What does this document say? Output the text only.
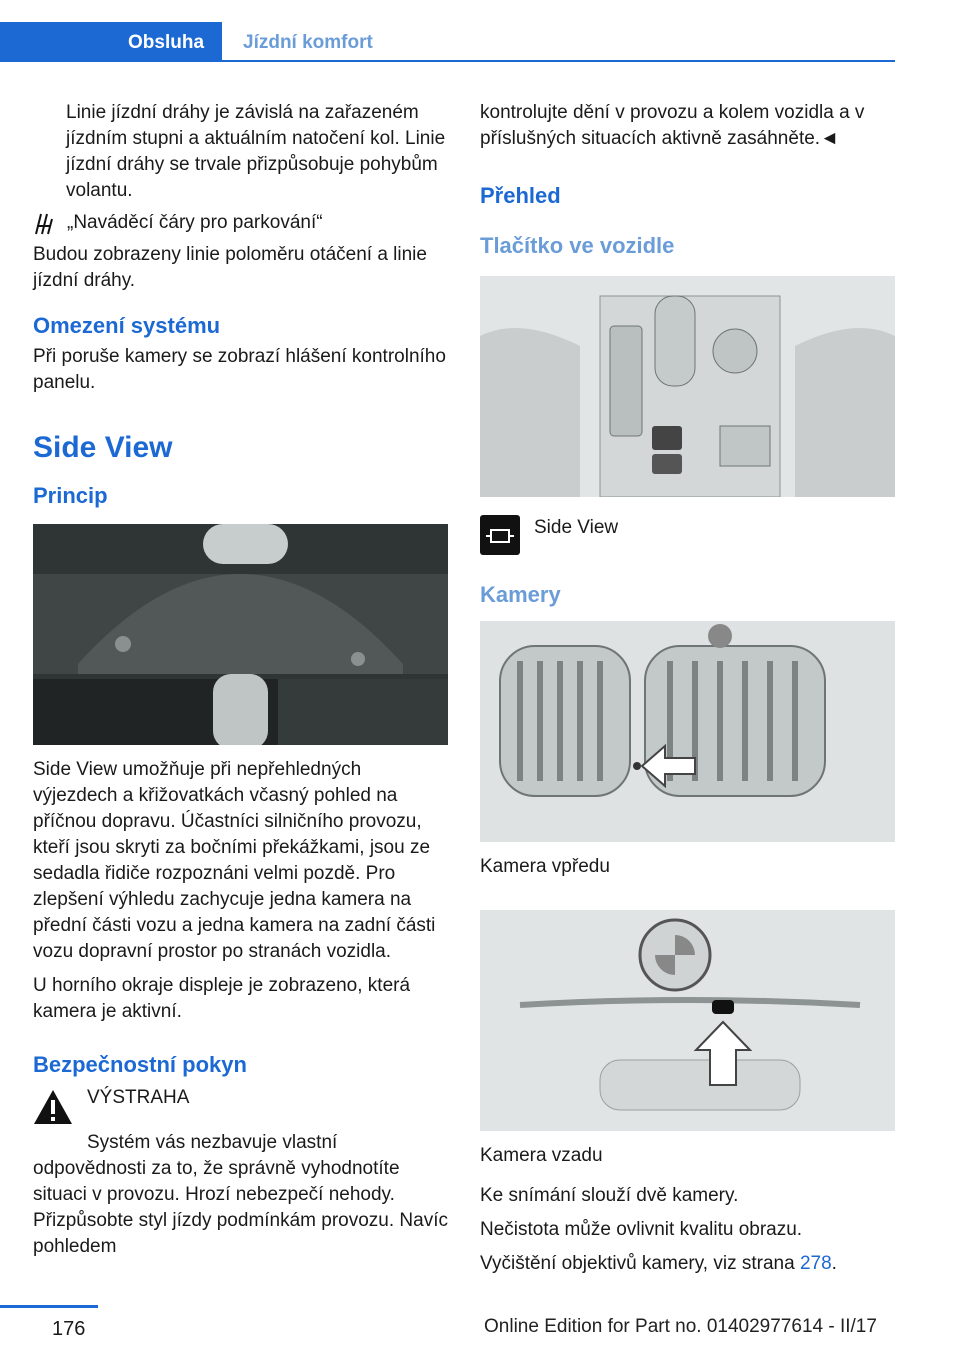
Obsluha	Jízdní komfort

Linie jízdní dráhy je závislá na zařazeném jízdním stupni a aktuálním natočení kol. Linie jízdní dráhy se trvale přizpůsobuje pohybům volantu.

„Naváděcí čáry pro parkování“

Budou zobrazeny linie poloměru otáčení a linie jízdní dráhy.

Omezení systému

Při poruše kamery se zobrazí hlášení kontrolního panelu.

Side View
Princip

Side View umožňuje při nepřehledných výjezdech a křižovatkách včasný pohled na příčnou dopravu. Účastníci silničního provozu, kteří jsou skryti za bočními překážkami, jsou ze sedadla řidiče rozpoznáni velmi pozdě. Pro zlepšení výhledu zachycuje jedna kamera na přední části vozu a jedna kamera na zadní části vozu dopravní prostor po stranách vozidla.

U horního okraje displeje je zobrazeno, která kamera je aktivní.

Bezpečnostní pokyn

VÝSTRAHA

Systém vás nezbavuje vlastní odpovědnosti za to, že správně vyhodnotíte situaci v provozu. Hrozí nebezpečí nehody. Přizpůsobte styl jízdy podmínkám provozu. Navíc pohledem

kontrolujte dění v provozu a kolem vozidla a v příslušných situacích aktivně zasáhněte.◄

Přehled
Tlačítko ve vozidle
Side View
Kamery

Kamera vpředu

Kamera vzadu

Ke snímání slouží dvě kamery.

Nečistota může ovlivnit kvalitu obrazu.

Vyčištění objektivů kamery, viz strana 278.

176	Online Edition for Part no. 01402977614 - II/17
